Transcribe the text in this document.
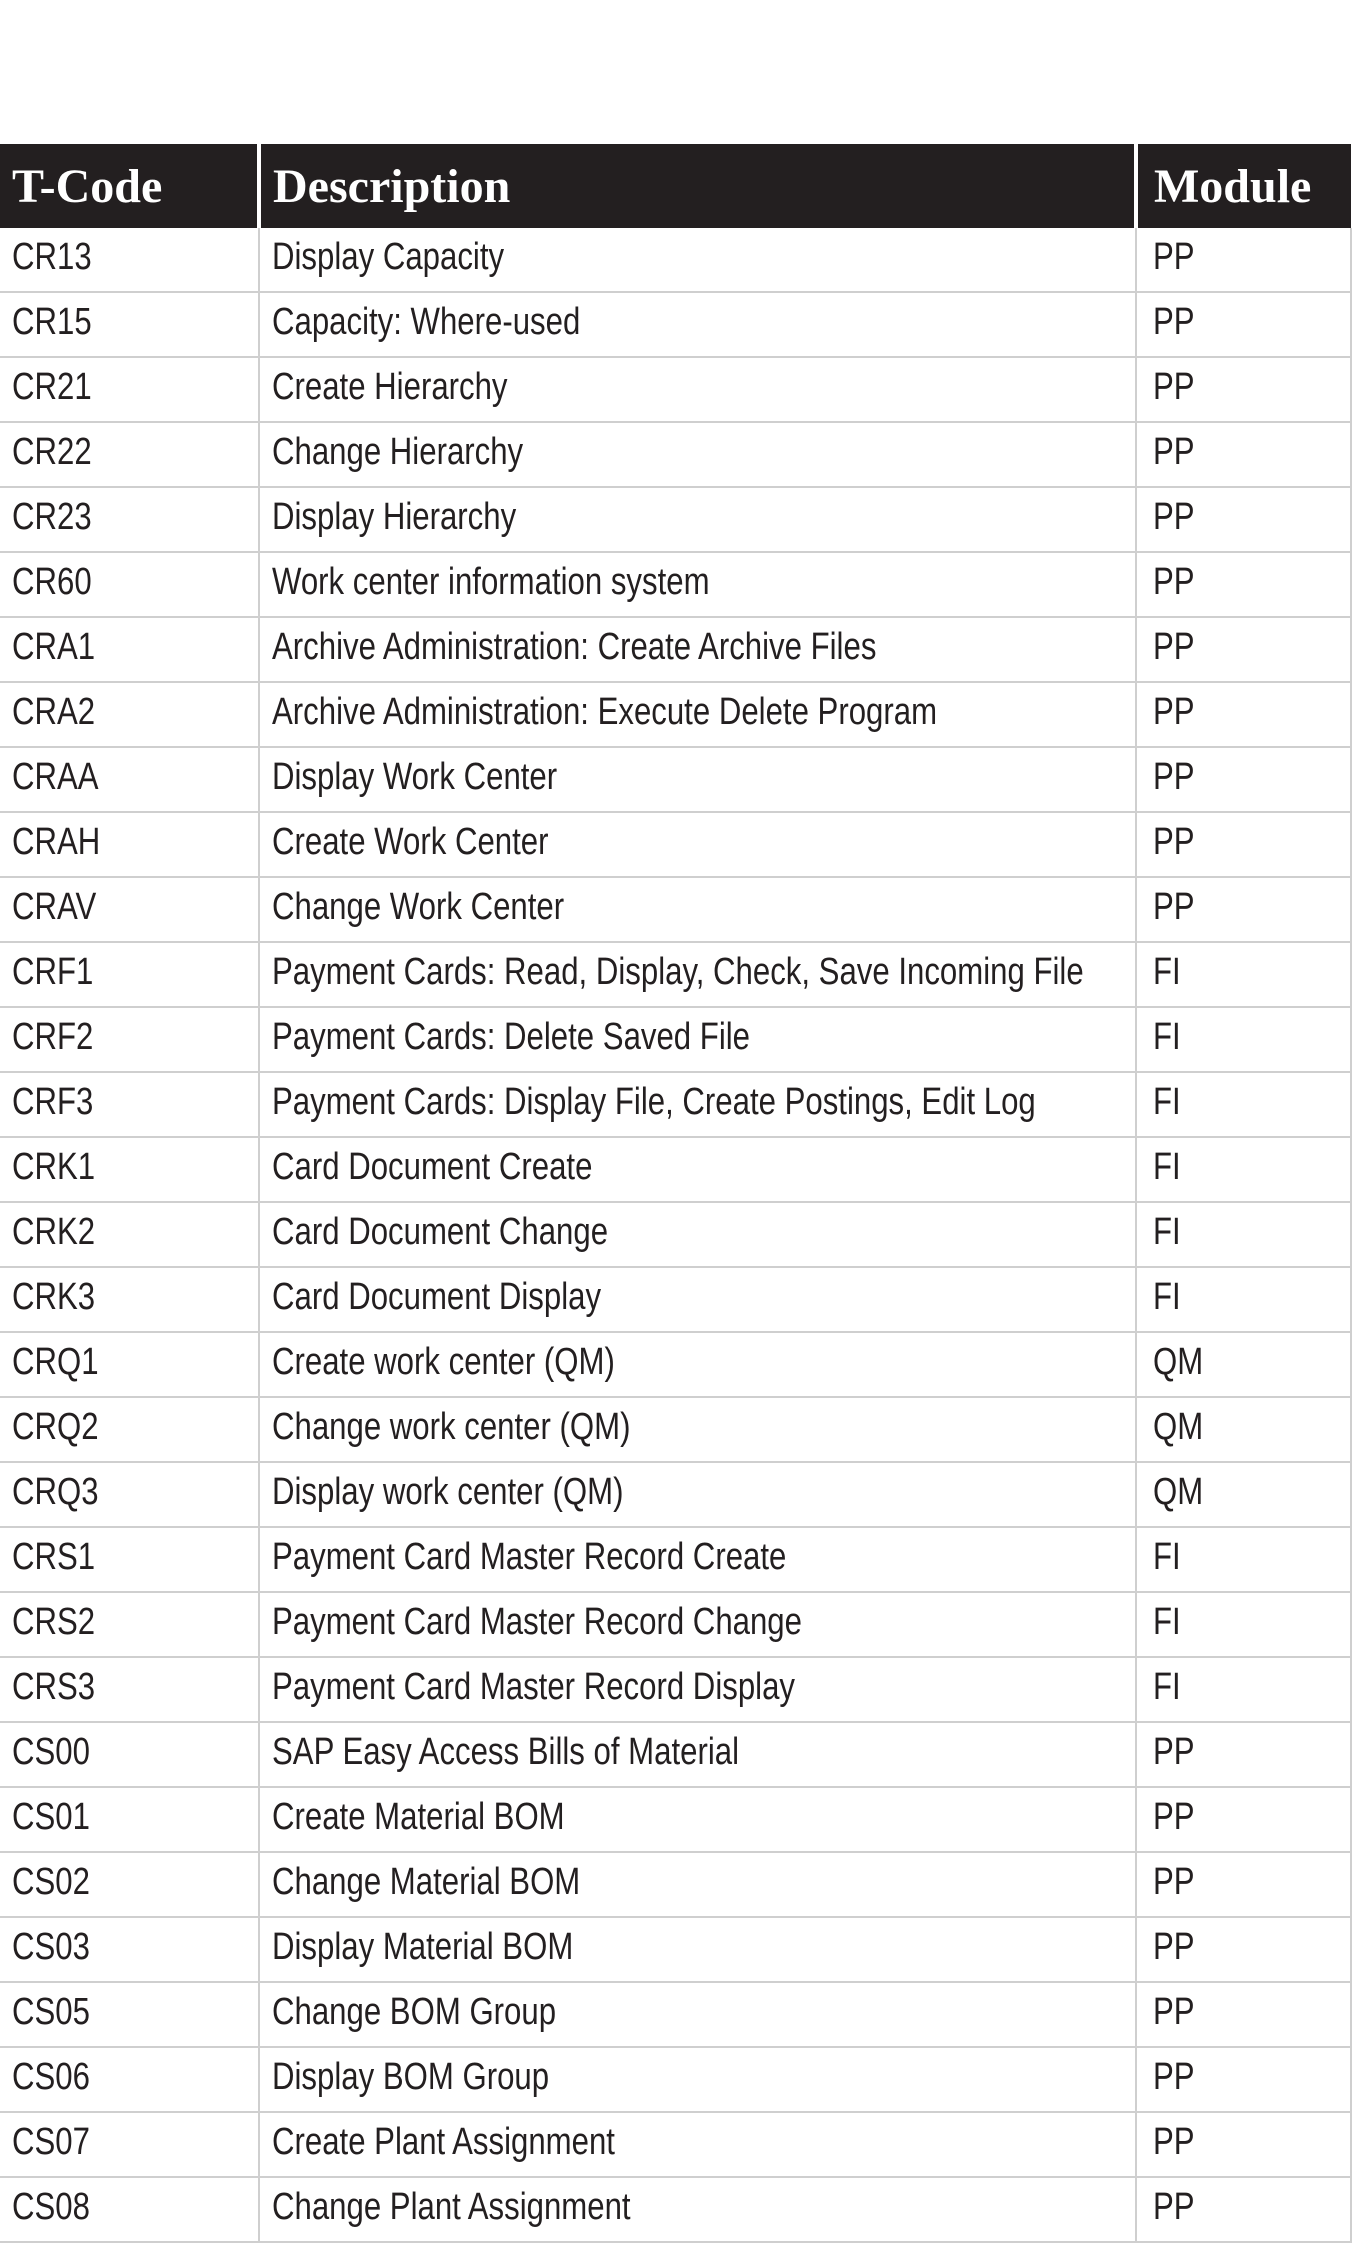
T-Code	Description	Module
CR13	Display Capacity	PP
CR15	Capacity: Where-used	PP
CR21	Create Hierarchy	PP
CR22	Change Hierarchy	PP
CR23	Display Hierarchy	PP
CR60	Work center information system	PP
CRA1	Archive Administration: Create Archive Files	PP
CRA2	Archive Administration: Execute Delete Program	PP
CRAA	Display Work Center	PP
CRAH	Create Work Center	PP
CRAV	Change Work Center	PP
CRF1	Payment Cards: Read, Display, Check, Save Incoming File	FI
CRF2	Payment Cards: Delete Saved File	FI
CRF3	Payment Cards: Display File, Create Postings, Edit Log	FI
CRK1	Card Document Create	FI
CRK2	Card Document Change	FI
CRK3	Card Document Display	FI
CRQ1	Create work center (QM)	QM
CRQ2	Change work center (QM)	QM
CRQ3	Display work center (QM)	QM
CRS1	Payment Card Master Record Create	FI
CRS2	Payment Card Master Record Change	FI
CRS3	Payment Card Master Record Display	FI
CS00	SAP Easy Access Bills of Material	PP
CS01	Create Material BOM	PP
CS02	Change Material BOM	PP
CS03	Display Material BOM	PP
CS05	Change BOM Group	PP
CS06	Display BOM Group	PP
CS07	Create Plant Assignment	PP
CS08	Change Plant Assignment	PP
